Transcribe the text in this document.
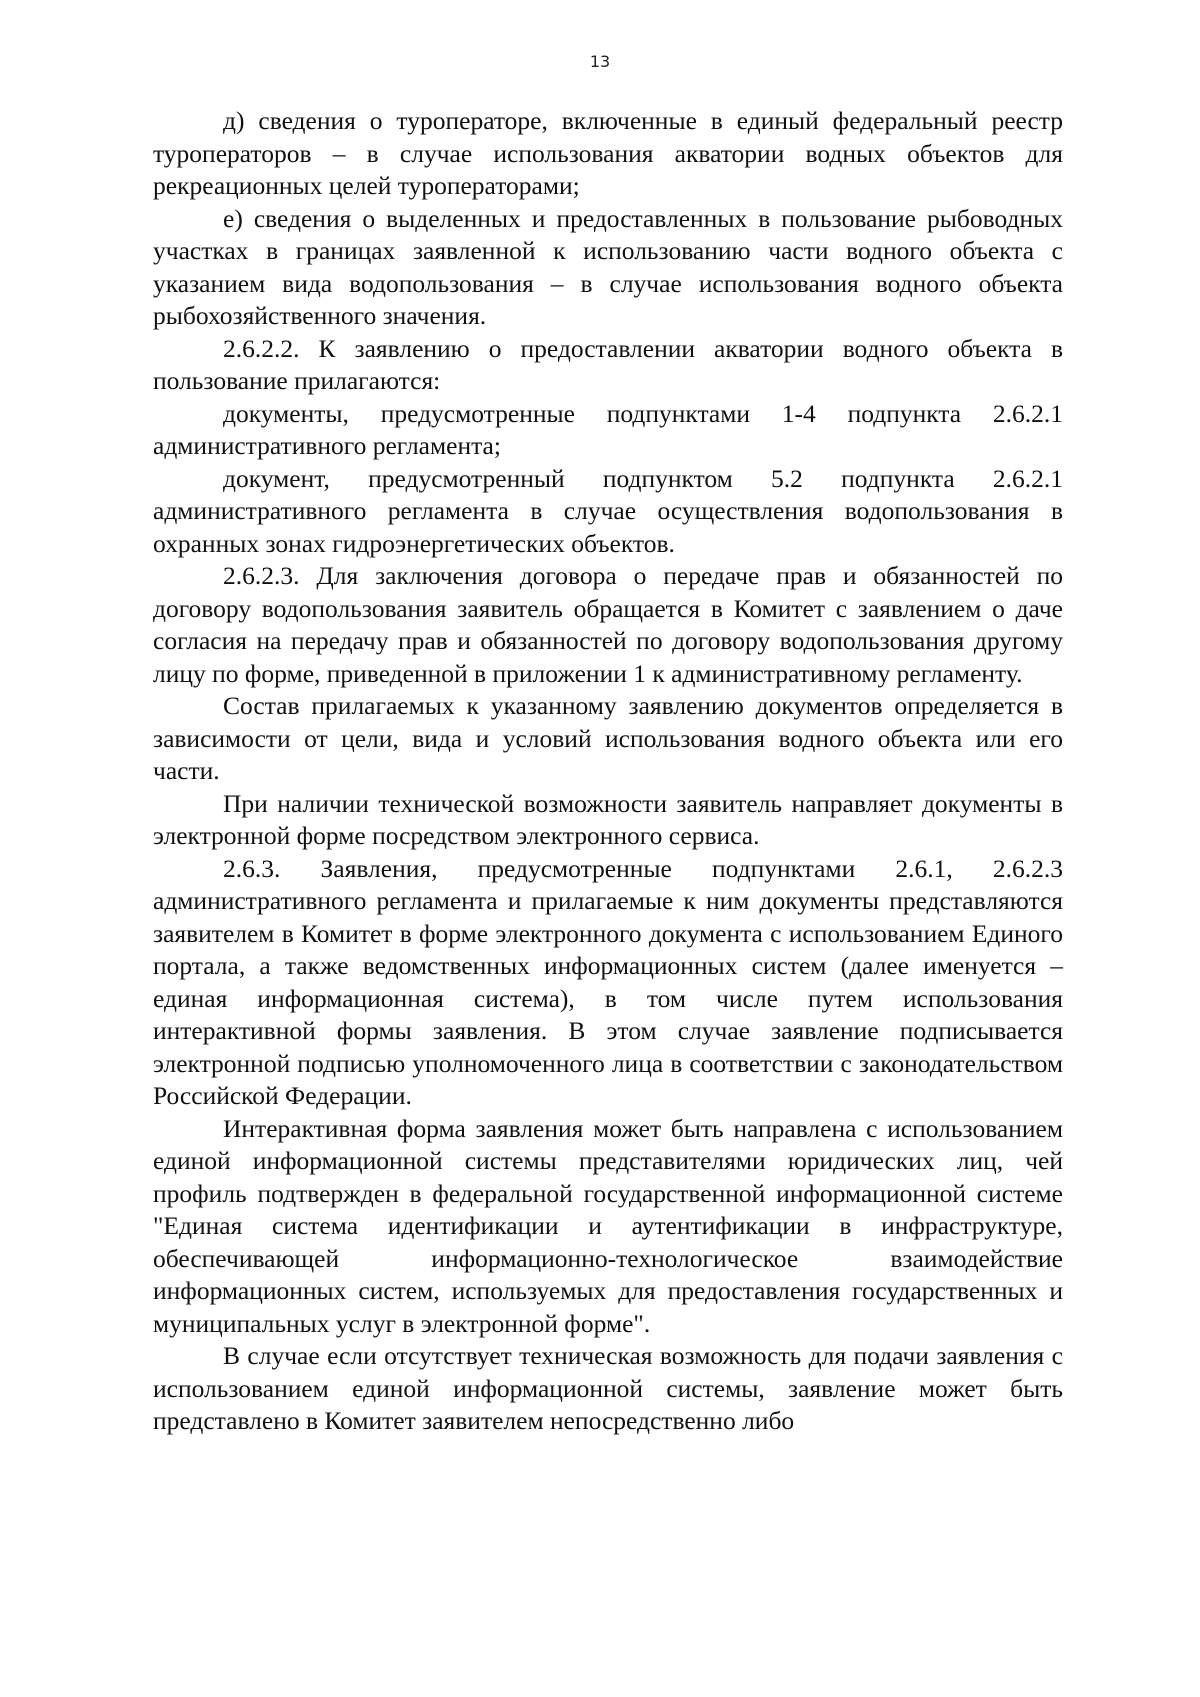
13

д) сведения о туроператоре, включенные в единый федеральный реестр туроператоров – в случае использования акватории водных объектов для рекреационных целей туроператорами;

е) сведения о выделенных и предоставленных в пользование рыбоводных участках в границах заявленной к использованию части водного объекта с указанием вида водопользования – в случае использования водного объекта рыбохозяйственного значения.

2.6.2.2. К заявлению о предоставлении акватории водного объекта в пользование прилагаются:

документы, предусмотренные подпунктами 1-4 подпункта 2.6.2.1 административного регламента;

документ, предусмотренный подпунктом 5.2 подпункта 2.6.2.1 административного регламента в случае осуществления водопользования в охранных зонах гидроэнергетических объектов.

2.6.2.3. Для заключения договора о передаче прав и обязанностей по договору водопользования заявитель обращается в Комитет с заявлением о даче согласия на передачу прав и обязанностей по договору водопользования другому лицу по форме, приведенной в приложении 1 к административному регламенту.

Состав прилагаемых к указанному заявлению документов определяется в зависимости от цели, вида и условий использования водного объекта или его части.

При наличии технической возможности заявитель направляет документы в электронной форме посредством электронного сервиса.

2.6.3. Заявления, предусмотренные подпунктами 2.6.1, 2.6.2.3 административного регламента и прилагаемые к ним документы представляются заявителем в Комитет в форме электронного документа с использованием Единого портала, а также ведомственных информационных систем (далее именуется – единая информационная система), в том числе путем использования интерактивной формы заявления. В этом случае заявление подписывается электронной подписью уполномоченного лица в соответствии с законодательством Российской Федерации.

Интерактивная форма заявления может быть направлена с использованием единой информационной системы представителями юридических лиц, чей профиль подтвержден в федеральной государственной информационной системе "Единая система идентификации и аутентификации в инфраструктуре, обеспечивающей информационно-технологическое взаимодействие информационных систем, используемых для предоставления государственных и муниципальных услуг в электронной форме".

В случае если отсутствует техническая возможность для подачи заявления с использованием единой информационной системы, заявление может быть представлено в Комитет заявителем непосредственно либо
